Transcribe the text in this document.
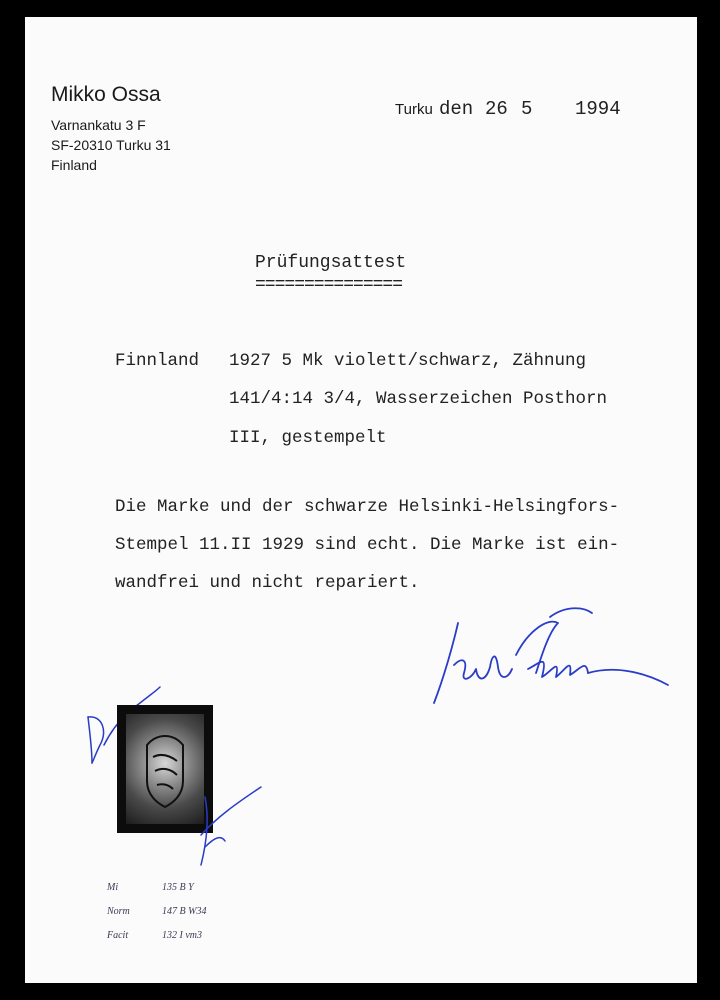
Mikko Ossa
Varnankatu 3 F
SF-20310 Turku 31
Finland
Turku den 26 5 1994
Prüfungsattest
===============
Finnland 1927 5 Mk violett/schwarz, Zähnung
141/4:14 3/4, Wasserzeichen Posthorn
III, gestempelt
Die Marke und der schwarze Helsinki-Helsingfors-
Stempel 11.II 1929 sind echt. Die Marke ist ein-
wandfrei und nicht repariert.
Mi	135 B Y
Norm	147 B W34
Facit	132 I vm3
